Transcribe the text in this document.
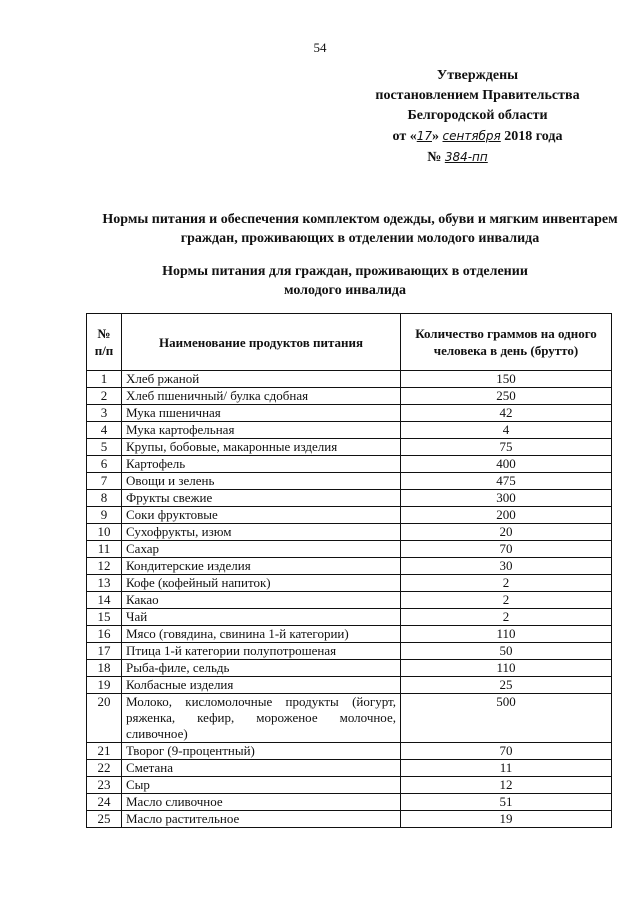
54
Утверждены
постановлением Правительства
Белгородской области
от «17» сентября 2018 года
№ 384-пп
Нормы питания и обеспечения комплектом одежды, обуви и мягким инвентарем граждан, проживающих в отделении молодого инвалида
Нормы питания для граждан, проживающих в отделении молодого инвалида
№ п/п	Наименование продуктов питания	Количество граммов на одного человека в день (брутто)
1	Хлеб ржаной	150
2	Хлеб пшеничный/ булка сдобная	250
3	Мука пшеничная	42
4	Мука картофельная	4
5	Крупы, бобовые, макаронные изделия	75
6	Картофель	400
7	Овощи и зелень	475
8	Фрукты свежие	300
9	Соки фруктовые	200
10	Сухофрукты, изюм	20
11	Сахар	70
12	Кондитерские изделия	30
13	Кофе (кофейный напиток)	2
14	Какао	2
15	Чай	2
16	Мясо (говядина, свинина 1-й категории)	110
17	Птица 1-й категории полупотрошеная	50
18	Рыба-филе, сельдь	110
19	Колбасные изделия	25
20	Молоко, кисломолочные продукты (йогурт, ряженка, кефир, мороженое молочное, сливочное)	500
21	Творог (9-процентный)	70
22	Сметана	11
23	Сыр	12
24	Масло сливочное	51
25	Масло растительное	19
